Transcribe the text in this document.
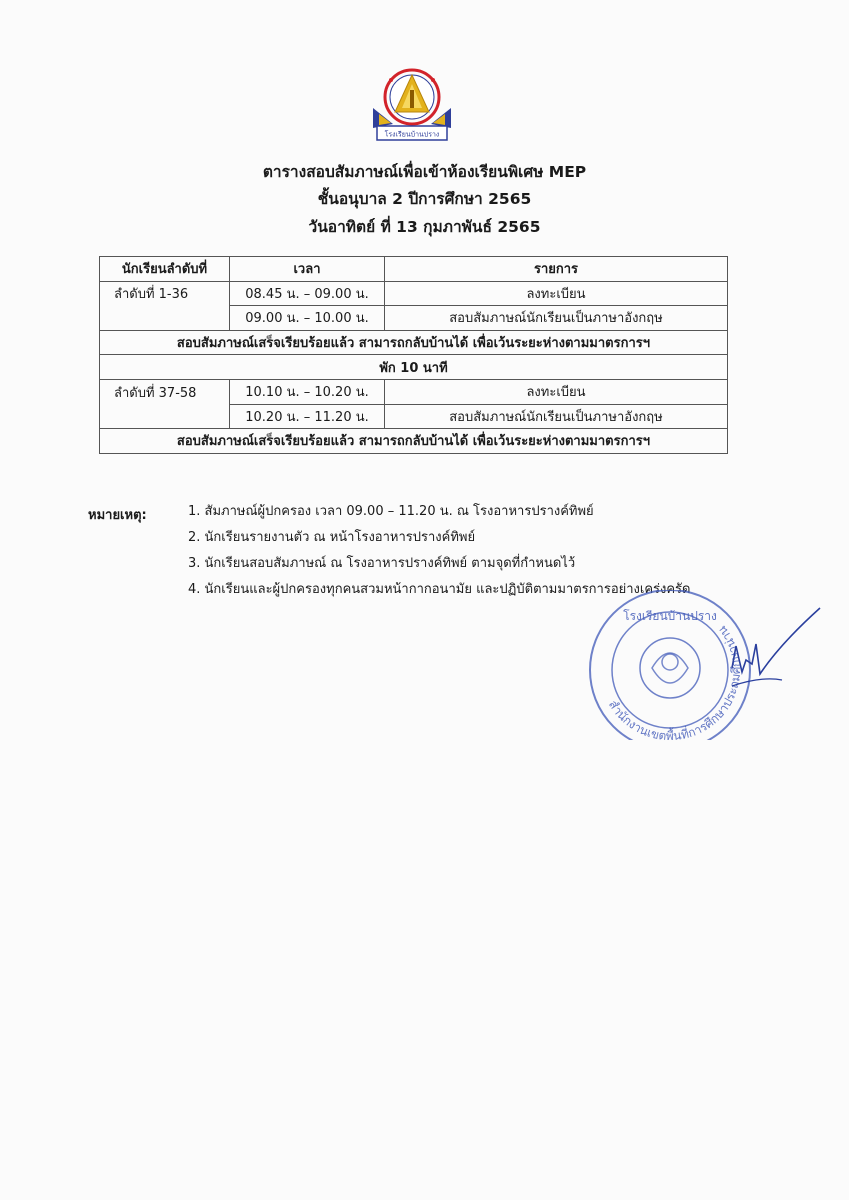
โรงเรียนบ้านปราง
ตารางสอบสัมภาษณ์เพื่อเข้าห้องเรียนพิเศษ MEP
ชั้นอนุบาล 2 ปีการศึกษา 2565
วันอาทิตย์ ที่ 13 กุมภาพันธ์ 2565
นักเรียนลำดับที่	เวลา	รายการ
ลำดับที่ 1-36	08.45 น. – 09.00 น.	ลงทะเบียน
	09.00 น. – 10.00 น.	สอบสัมภาษณ์นักเรียนเป็นภาษาอังกฤษ
สอบสัมภาษณ์เสร็จเรียบร้อยแล้ว สามารถกลับบ้านได้ เพื่อเว้นระยะห่างตามมาตรการฯ		
พัก 10 นาที		
ลำดับที่ 37-58	10.10 น. – 10.20 น.	ลงทะเบียน
	10.20 น. – 11.20 น.	สอบสัมภาษณ์นักเรียนเป็นภาษาอังกฤษ
สอบสัมภาษณ์เสร็จเรียบร้อยแล้ว สามารถกลับบ้านได้ เพื่อเว้นระยะห่างตามมาตรการฯ		
หมายเหตุ:	1. สัมภาษณ์ผู้ปกครอง เวลา 09.00 – 11.20 น. ณ โรงอาหารปรางค์ทิพย์
2. นักเรียนรายงานตัว ณ หน้าโรงอาหารปรางค์ทิพย์
3. นักเรียนสอบสัมภาษณ์ ณ โรงอาหารปรางค์ทิพย์ ตามจุดที่กำหนดไว้
4. นักเรียนและผู้ปกครองทุกคนสวมหน้ากากอนามัย และปฏิบัติตามมาตรการอย่างเคร่งครัด
สำนักงานเขตพื้นที่การศึกษาประถมศึกษาน่าน
โรงเรียนบ้านปราง
